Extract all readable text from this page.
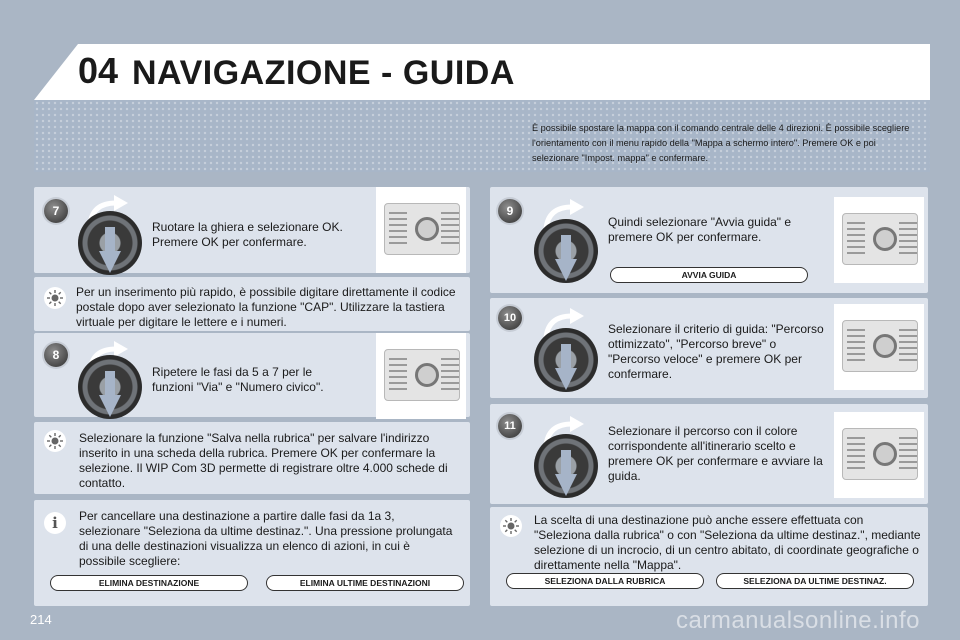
04 NAVIGAZIONE - GUIDA
È possibile spostare la mappa con il comando centrale delle 4 direzioni. È possibile scegliere l'orientamento con il menu rapido della "Mappa a schermo intero". Premere OK e poi selezionare "Impost. mappa" e confermare.
7
Ruotare la ghiera e selezionare OK. Premere OK per confermare.
Per un inserimento più rapido, è possibile digitare direttamente il codice postale dopo aver selezionato la funzione "CAP". Utilizzare la tastiera virtuale per digitare le lettere e i numeri.
8
Ripetere le fasi da 5 a 7 per le funzioni "Via" e "Numero civico".
Selezionare la funzione "Salva nella rubrica" per salvare l'indirizzo inserito in una scheda della rubrica. Premere OK per confermare la selezione. Il WIP Com 3D permette di registrare oltre 4.000 schede di contatto.
i	Per cancellare una destinazione a partire dalle fasi da 1a 3, selezionare "Seleziona da ultime destinaz.". Una pressione prolungata di una delle destinazioni visualizza un elenco di azioni, in cui è possibile scegliere:
ELIMINA DESTINAZIONE	ELIMINA ULTIME DESTINAZIONI
9
Quindi selezionare "Avvia guida" e premere OK per confermare.
AVVIA GUIDA
10
Selezionare il criterio di guida: "Percorso ottimizzato", "Percorso breve" o "Percorso veloce" e premere OK per confermare.
11	Selezionare il percorso con il colore corrispondente all'itinerario scelto e premere OK per confermare e avviare la guida.
La scelta di una destinazione può anche essere effettuata con "Seleziona dalla rubrica" o con "Seleziona da ultime destinaz.", mediante selezione di un incrocio, di un centro abitato, di coordinate geografiche o direttamente nella "Mappa".
SELEZIONA DALLA RUBRICA	SELEZIONA DA ULTIME DESTINAZ.
214	carmanualsonline.info
